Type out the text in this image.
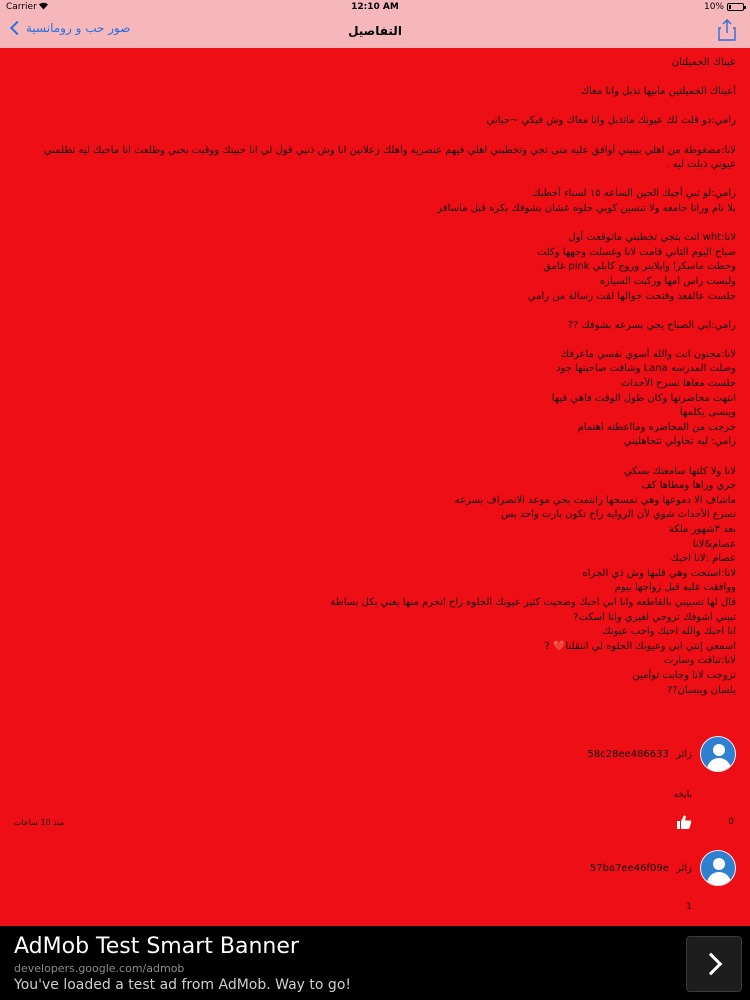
Carrier	12:10 AM	10%
صور حب و رومانسية	التفاصيل
عيناك الجميلتان
أعيناك الجميلتين مابيها تذبل وانا معاك
رامي:دو قلت لك عيونك ماتذبل وانا معاك وش فيكي ~حياتي
لانا:مضغوطة من اهلي بيبيني أوافق عليه متى تجي وتخطبني اهلي فيهم عنصريه واهلك زعلانين انا وش ذنبي قول لي انا حبيتك ووقيت بحبي وطلعت انا ماحبك ليه تظلمني
عيوني ذبلت ليه .
رامي:لو تبي أجيك الحين الساعه ١٥ لسناء أخطبك
بلا نام وراتا جامعه ولا تنسين كوبي حلوه عشان بشوفك بكره قبل ماسافر
لانا:wht انت بتجي تخطبني ماتوقعت أول
صباح اليوم الثاني قامت لانا وغسلت وجهها وكلت
وحطت ماسكرا وايلاينر وروج كابلي pink غامق
ولبست راس امها وركبت السياره
جلست عالقعد وفتحت جوالها لقت رسالة من رامي
رامي:ابي الصباح يجي بسرعه بشوفك ??
لانا:مجنون انت والله أسوي نفسي ماعرفك
وصلت المدرسه Lana وشافت صاحبتها جود
جلست معاها تسرح الأحداث
انتهت محاضرتها وكان طول الوقت فاهي فيها
وينسى يكلمها
خرجت من المحاضره ومااعطته اهتمام
رامي: ليه تحاولي تتجاهليني
لانا ولا كلتها سامعتك بسكي
جري وراها ومطاها كف
ماشاف الا دموعها وهي تمسحها رانتمت بجي موعد الانصراف بسرعه
تسرع الأحداث شوي لأن الروايه راح تكون بارت واحد بس
بعد ٣شهور ملكة
عصام&لانا
عصام :لانا احبك
لانا:استحت وهي قلبها وش ذي الجراه
ووافقت عليه قبل زواجها بيوم
قال لها تسبيني بالقاطعه وانا ابي احبك وضحيت كثير عيونك الحلوه راح اتحرم منها يعني بكل بساطة
تبيني اشوفك تروحي لغيري وانا اسكت?
انا احبك والله احبك واحب عيونك
اسمعي إنتي ابي وعيونك الحلوه لي انتقلنا❤️ ?
لانا:تنافت وسارت
تزوجت لانا وجابت توأمين
يلسان ويبسان??
زائر 58c28ee486633
بايخه
0
منذ 10 ساعات
زائر 57ba7ee46f09e
1
AdMob Test Smart Banner
developers.google.com/admob
You've loaded a test ad from AdMob. Way to go!
